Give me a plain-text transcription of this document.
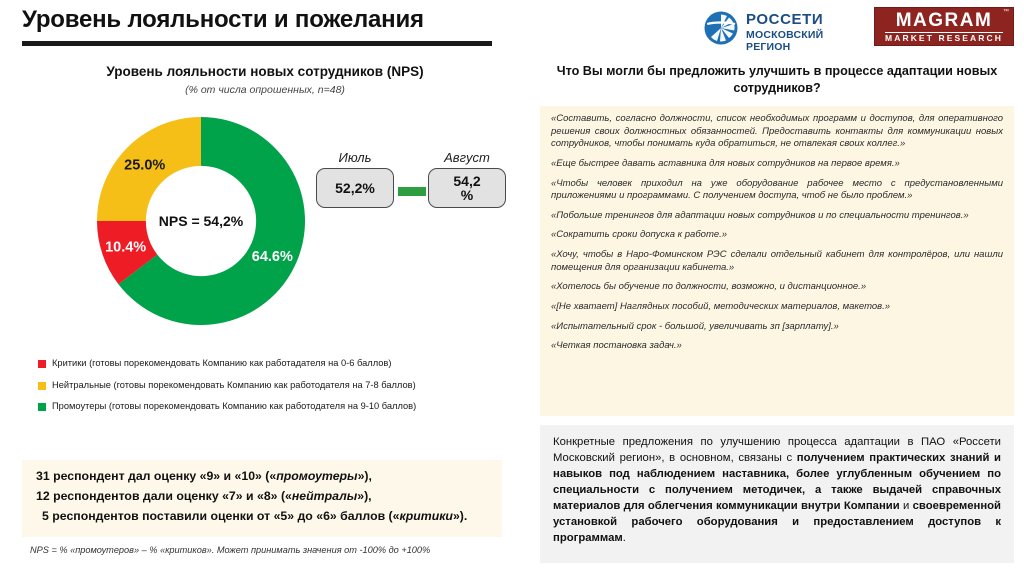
Уровень лояльности и пожелания	РОССЕТИ
МОСКОВСКИЙ РЕГИОН
™
MAGRAM
MARKET RESEARCH
Уровень лояльности новых сотрудников (NPS)
(% от числа опрошенных, n=48)
64.6%
10.4%
25.0%
NPS = 54,2%
Июль
52,2%
Август
54,2
%
Критики (готовы порекомендовать Компанию как работадателя на 0-6 баллов)
Нейтральные (готовы порекомендовать Компанию как работодателя на 7-8 баллов)
Промоутеры (готовы порекомендовать Компанию как работодателя на 9-10 баллов)
31 респондент дал оценку «9» и «10» («промоутеры»),
12 респондентов дали оценку «7» и «8» («нейтралы»),
5 респондентов поставили оценки от «5» до «6» баллов («критики»).
NPS = % «промоутеров» – % «критиков». Может принимать значения от -100% до +100%
Что Вы могли бы предложить улучшить в процессе адаптации новых сотрудников?
«Составить, согласно должности, список необходимых программ и доступов, для оперативного решения своих должностных обязанностей. Предоставить контакты для коммуникации новых сотрудников, чтобы понимать куда обратиться, не отвлекая своих коллег.»
«Еще быстрее давать аставника для новых сотрудников на первое время.»
«Чтобы человек приходил на уже оборудование рабочее место с предустановленными приложениями и программами. С получением доступа, чтоб не было проблем.»
«Побольше тренингов для адаптации новых сотрудников и по специальности тренингов.»
«Сократить сроки допуска к работе.»
«Хочу, чтобы в Наро-Фоминском РЭС сделали отдельный кабинет для контролёров, или нашли помещения для организации кабинета.»
«Хотелось бы обучение по должности, возможно, и дистанционное.»
«[Не хватает] Наглядных пособий, методических материалов, макетов.»
«Испытательный срок - большой, увеличивать зп [зарплату].»
«Четкая постановка задач.»
Конкретные предложения по улучшению процесса адаптации в ПАО «Россети Московский регион», в основном, связаны с получением практических знаний и навыков под наблюдением наставника, более углубленным обучением по специальности с получением методичек, а также выдачей справочных материалов для облегчения коммуникации внутри Компании и своевременной установкой рабочего оборудования и предоставлением доступов к программам.
